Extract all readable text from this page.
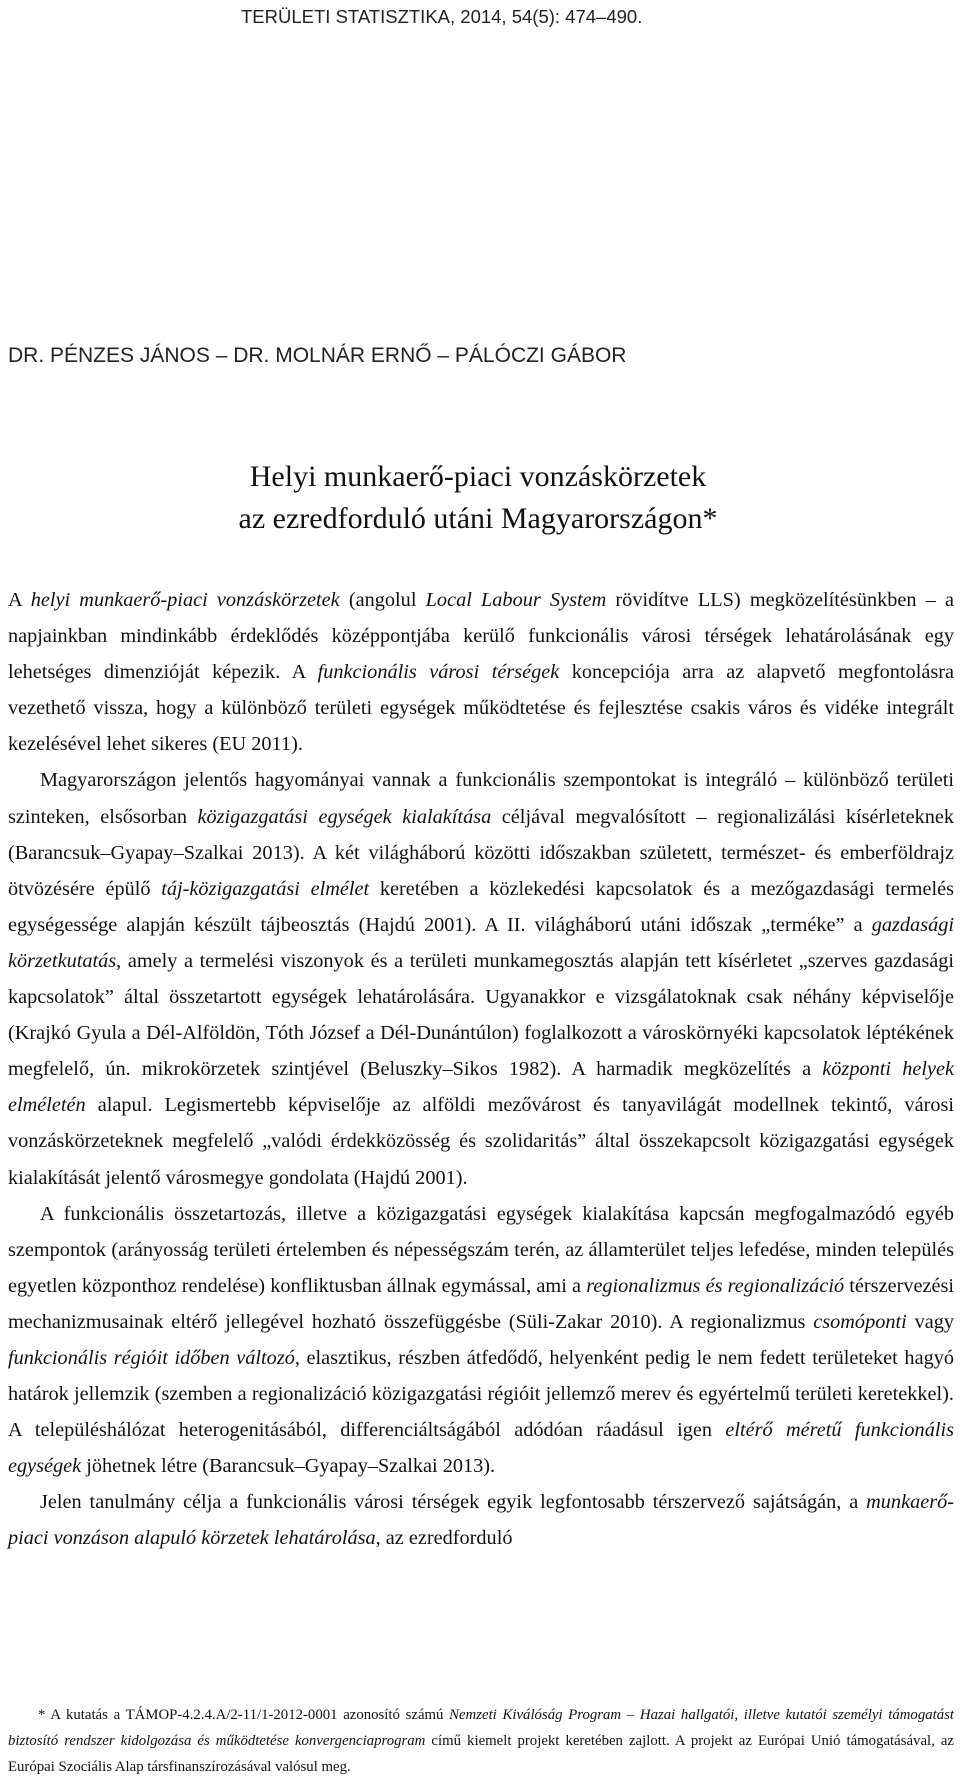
TERÜLETI STATISZTIKA, 2014, 54(5): 474–490.
DR. PÉNZES JÁNOS – DR. MOLNÁR ERNŐ – PÁLÓCZI GÁBOR
Helyi munkaerő-piaci vonzáskörzetek
az ezredforduló utáni Magyarországon*

A helyi munkaerő-piaci vonzáskörzetek (angolul Local Labour System rövidítve LLS) megközelítésünkben – a napjainkban mindinkább érdeklődés középpontjába kerülő funkcionális városi térségek lehatárolásának egy lehetséges dimenzióját képezik. A funkcionális városi térségek koncepciója arra az alapvető megfontolásra vezethető vissza, hogy a különböző területi egységek működtetése és fejlesztése csakis város és vidéke integrált kezelésével lehet sikeres (EU 2011).

Magyarországon jelentős hagyományai vannak a funkcionális szempontokat is integráló – különböző területi szinteken, elsősorban közigazgatási egységek kialakítása céljával megvalósított – regionalizálási kísérleteknek (Barancsuk–Gyapay–Szalkai 2013). A két világháború közötti időszakban született, természet- és emberföldrajz ötvözésére épülő táj-közigazgatási elmélet keretében a közlekedési kapcsolatok és a mezőgazdasági termelés egységessége alapján készült tájbeosztás (Hajdú 2001). A II. világháború utáni időszak „terméke” a gazdasági körzetkutatás, amely a termelési viszonyok és a területi munkamegosztás alapján tett kísérletet „szerves gazdasági kapcsolatok” által összetartott egységek lehatárolására. Ugyanakkor e vizsgálatoknak csak néhány képviselője (Krajkó Gyula a Dél-Alföldön, Tóth József a Dél-Dunántúlon) foglalkozott a városkörnyéki kapcsolatok léptékének megfelelő, ún. mikrokörzetek szintjével (Beluszky–Sikos 1982). A harmadik megközelítés a központi helyek elméletén alapul. Legismertebb képviselője az alföldi mezővárost és tanyavilágát modellnek tekintő, városi vonzáskörzeteknek megfelelő „valódi érdekközösség és szolidaritás” által összekapcsolt közigazgatási egységek kialakítását jelentő városmegye gondolata (Hajdú 2001).

A funkcionális összetartozás, illetve a közigazgatási egységek kialakítása kapcsán megfogalmazódó egyéb szempontok (arányosság területi értelemben és népességszám terén, az államterület teljes lefedése, minden település egyetlen központhoz rendelése) konfliktusban állnak egymással, ami a regionalizmus és regionalizáció térszervezési mechanizmusainak eltérő jellegével hozható összefüggésbe (Süli-Zakar 2010). A regionalizmus csomóponti vagy funkcionális régióit időben változó, elasztikus, részben átfedődő, helyenként pedig le nem fedett területeket hagyó határok jellemzik (szemben a regionalizáció közigazgatási régióit jellemző merev és egyértelmű területi keretekkel). A településhálózat heterogenitásából, differenciáltságából adódóan ráadásul igen eltérő méretű funkcionális egységek jöhetnek létre (Barancsuk–Gyapay–Szalkai 2013).

Jelen tanulmány célja a funkcionális városi térségek egyik legfontosabb térszervező sajátságán, a munkaerő-piaci vonzáson alapuló körzetek lehatárolása, az ezredforduló

* A kutatás a TÁMOP-4.2.4.A/2-11/1-2012-0001 azonosító számú Nemzeti Kiválóság Program – Hazai hallgatói, illetve kutatói személyi támogatást biztosító rendszer kidolgozása és működtetése konvergenciaprogram című kiemelt projekt keretében zajlott. A projekt az Európai Unió támogatásával, az Európai Szociális Alap társfinanszírozásával valósul meg.
